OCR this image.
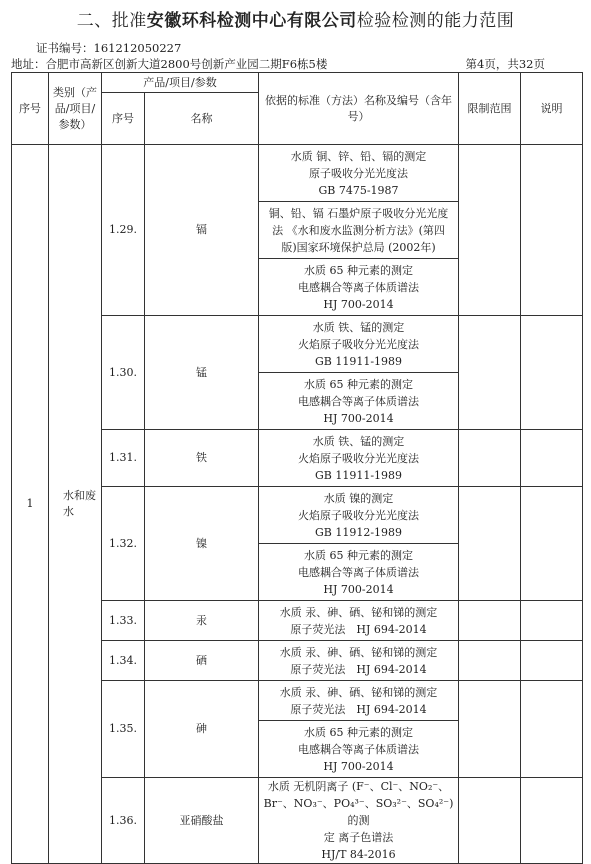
二、批准安徽环科检测中心有限公司检验检测的能力范围
证书编号：161212050227
地址：合肥市高新区创新大道2800号创新产业园二期F6栋5楼	第4页，共32页
序号	类别（产品/项目/参数）	产品/项目/参数		依据的标准（方法）名称及编号（含年号）	限制范围	说明
		序号	名称			
1	水和废水	1.29.	镉	水质 铜、锌、铅、镉的测定
原子吸收分光光度法
GB 7475-1987		

				铜、铅、镉 石墨炉原子吸收分光光度
法 《水和废水监测分析方法》(第四
版)国家环境保护总局 (2002年)		

				水质 65 种元素的测定
电感耦合等离子体质谱法
HJ 700-2014		

		1.30.	锰	水质 铁、锰的测定
火焰原子吸收分光光度法
GB 11911-1989		

				水质 65 种元素的测定
电感耦合等离子体质谱法
HJ 700-2014		

		1.31.	铁	水质 铁、锰的测定
火焰原子吸收分光光度法
GB 11911-1989		

		1.32.	镍	水质 镍的测定
火焰原子吸收分光光度法
GB 11912-1989		

				水质 65 种元素的测定
电感耦合等离子体质谱法
HJ 700-2014		

		1.33.	汞	水质 汞、砷、硒、铋和锑的测定
原子荧光法　HJ 694-2014		

		1.34.	硒	水质 汞、砷、硒、铋和锑的测定
原子荧光法　HJ 694-2014		

		1.35.	砷	水质 汞、砷、硒、铋和锑的测定
原子荧光法　HJ 694-2014		

				水质 65 种元素的测定
电感耦合等离子体质谱法
HJ 700-2014		

		1.36.	亚硝酸盐	水质 无机阴离子 (F⁻、Cl⁻、NO₂⁻、
Br⁻、NO₃⁻、PO₄³⁻、SO₃²⁻、SO₄²⁻) 的测
定 离子色谱法
HJ/T 84-2016		
